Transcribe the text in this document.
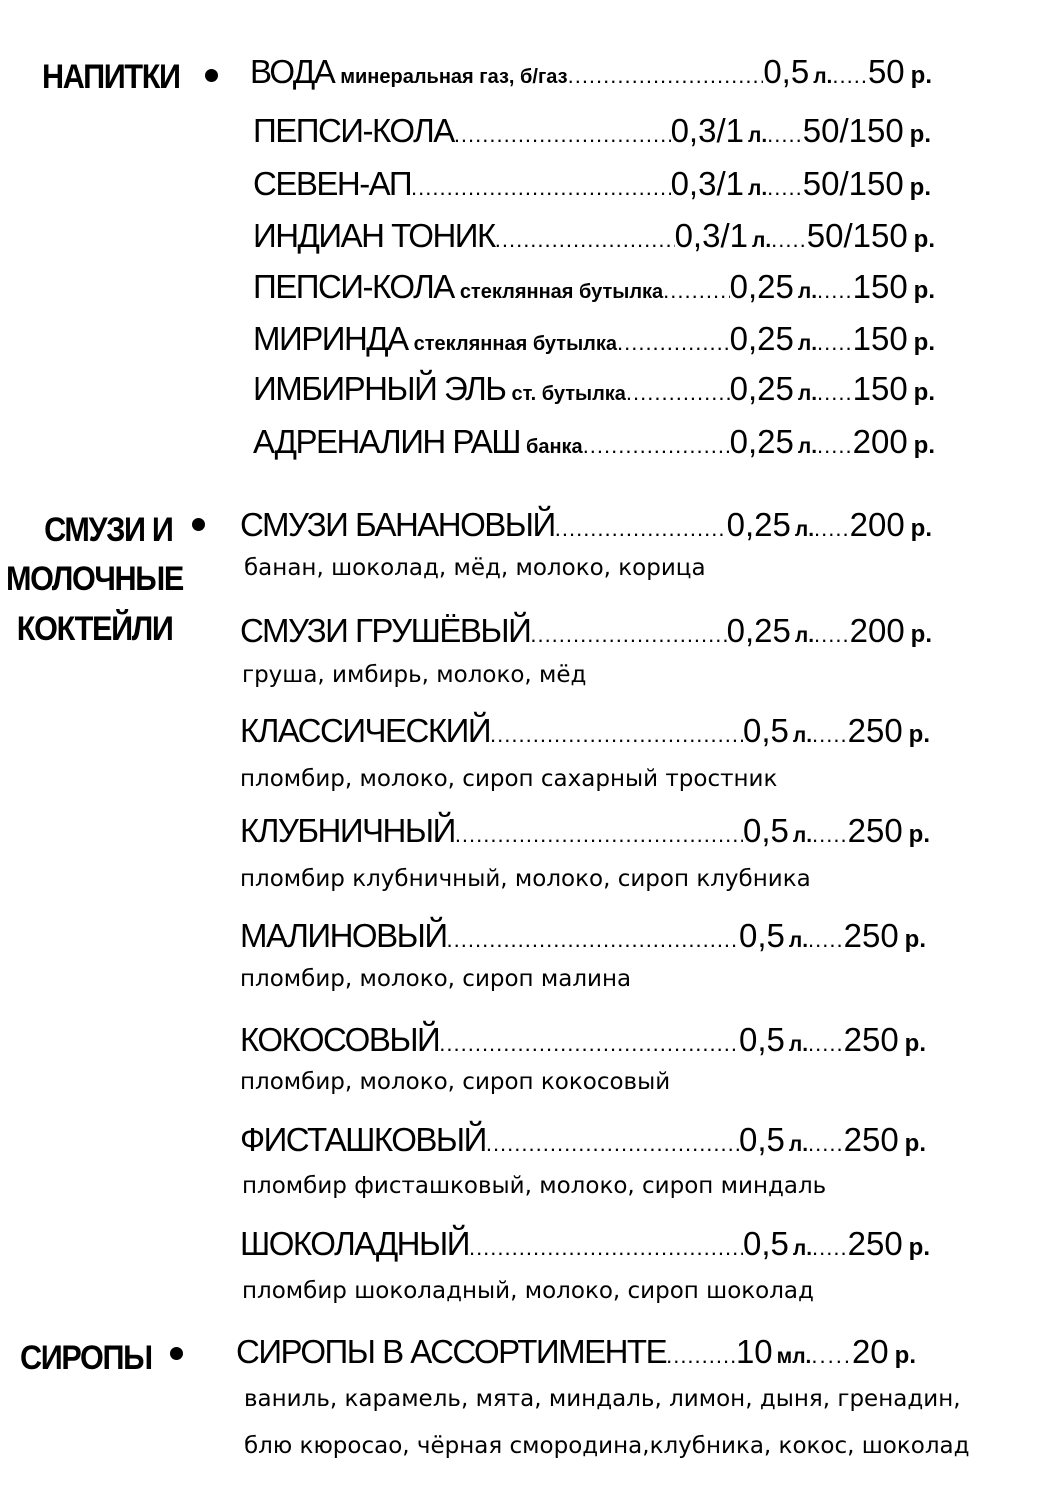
НАПИТКИ ВОДА минеральная газ, б/газ .....	0,5 л. ..... 50 р.
ПЕПСИ-КОЛА .....	0,3/1 л. ..... 50/150 р.
СЕВЕН-АП .....	0,3/1 л. ..... 50/150 р.
ИНДИАН ТОНИК .....	0,3/1 л. ..... 50/150 р.
ПЕПСИ-КОЛА стеклянная бутылка ..... 0,25 л. ..... 150 р.
МИРИНДА стеклянная бутылка .....	0,25 л. ..... 150 р.
ИМБИРНЫЙ ЭЛЬ ст. бутылка .....	0,25 л. ..... 150 р.
АДРЕНАЛИН РАШ банка .....	0,25 л. ..... 200 р.
СМУЗИ И
МОЛОЧНЫЕ
КОКТЕЙЛИ
СМУЗИ БАНАНОВЫЙ .....	0,25 л. ..... 200 р.
банан, шоколад, мёд, молоко, корица
СМУЗИ ГРУШЁВЫЙ .....	0,25 л. ..... 200 р.
груша, имбирь, молоко, мёд
КЛАССИЧЕСКИЙ .....	0,5 л. ..... 250 р.
пломбир, молоко, сироп сахарный тростник
КЛУБНИЧНЫЙ .....	0,5 л. ..... 250 р.
пломбир клубничный, молоко, сироп клубника
МАЛИНОВЫЙ .....	0,5 л. ..... 250 р.
пломбир, молоко, сироп малина
КОКОСОВЫЙ .....	0,5 л. ..... 250 р.
пломбир, молоко, сироп кокосовый
ФИСТАШКОВЫЙ .....	0,5 л. ..... 250 р.
пломбир фисташковый, молоко, сироп миндаль
ШОКОЛАДНЫЙ .....	0,5 л. ..... 250 р.
пломбир шоколадный, молоко, сироп шоколад
СИРОПЫ	СИРОПЫ В АССОРТИМЕНТЕ ..... 10 мл. ..... 20 р.
ваниль, карамель, мята, миндаль, лимон, дыня, гренадин,
блю кюросао, чёрная смородина,клубника, кокос, шоколад
